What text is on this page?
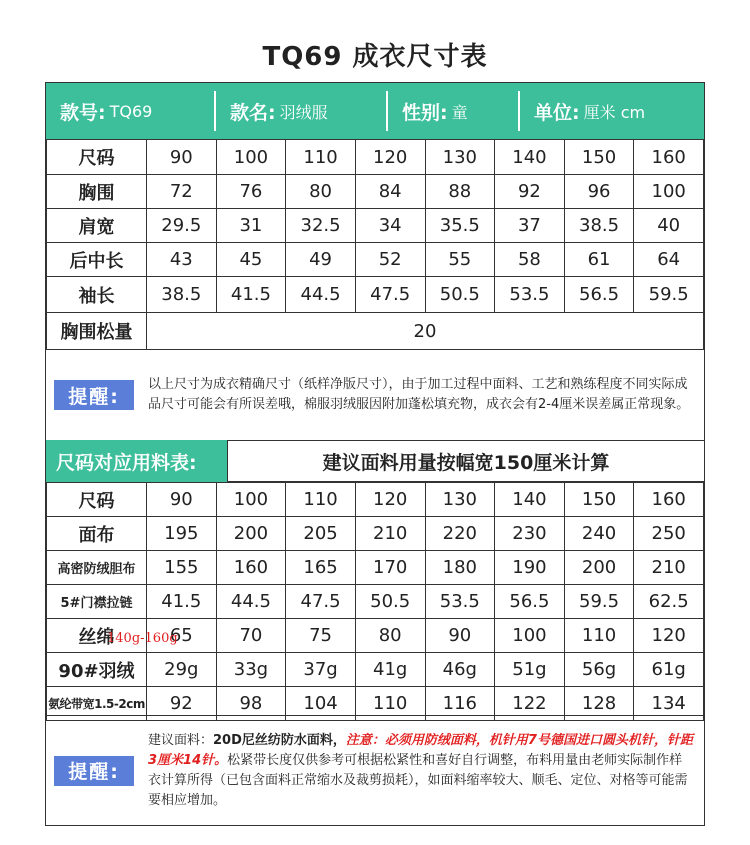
TQ69 成衣尺寸表
款号: TQ69	款名: 羽绒服	性别: 童	单位: 厘米 cm
尺码	90	100	110	120	130	140	150	160
胸围	72	76	80	84	88	92	96	100
肩宽	29.5	31	32.5	34	35.5	37	38.5	40
后中长	43	45	49	52	55	58	61	64
袖长	38.5	41.5	44.5	47.5	50.5	53.5	56.5	59.5
胸围松量	20							
提醒:
以上尺寸为成衣精确尺寸（纸样净版尺寸），由于加工过程中面料、工艺和熟练程度不同实际成品尺寸可能会有所误差哦，棉服羽绒服因附加蓬松填充物，成衣会有2-4厘米误差属正常现象。
尺码对应用料表:	建议面料用量按幅宽150厘米计算
尺码	90	100	110	120	130	140	150	160
面布	195	200	205	210	220	230	240	250
高密防绒胆布	155	160	165	170	180	190	200	210
5#门襟拉链	41.5	44.5	47.5	50.5	53.5	56.5	59.5	62.5
丝绵	65	70	75	80	90	100	110	120
90#羽绒	29g	33g	37g	41g	46g	51g	56g	61g
氨纶带宽1.5-2cm	92	98	104	110	116	122	128	134
140g-160g
提醒:
建议面料：20D尼丝纺防水面料，注意：必须用防绒面料，机针用7号德国进口圆头机针，针距3厘米14针。松紧带长度仅供参考可根据松紧性和喜好自行调整，布料用量由老师实际制作样衣计算所得（已包含面料正常缩水及裁剪损耗），如面料缩率较大、顺毛、定位、对格等可能需要相应增加。
